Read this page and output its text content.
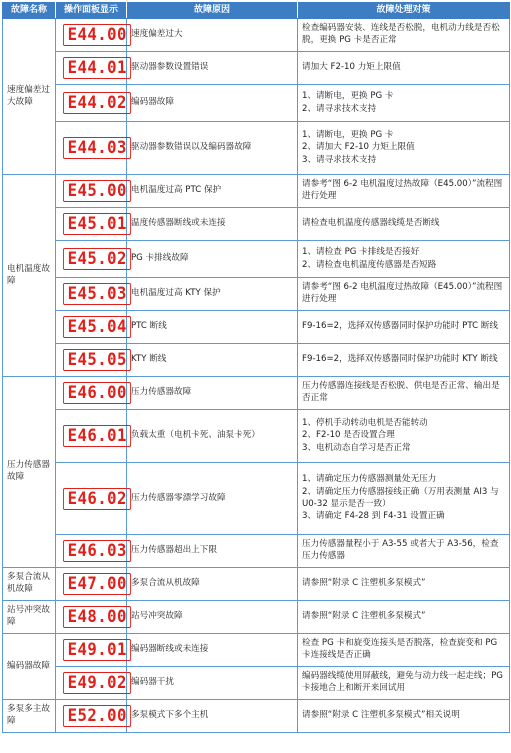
故障名称	操作面板显示	故障原因	故障处理对策
速度偏差过大故障	E44.00	速度偏差过大	检查编码器安装、连线是否松脱，电机动力线是否松脱，更换 PG 卡是否正常
	E44.01	驱动器参数设置错误	请加大 F2-10 力矩上限值
	E44.02	编码器故障	1、请断电，更换 PG 卡
2、请寻求技术支持

	E44.03	驱动器参数错误以及编码器故障	1、请断电，更换 PG 卡
2、请加大 F2-10 力矩上限值
3、请寻求技术支持

电机温度故障	E45.00	电机温度过高 PTC 保护	请参考“图 6-2 电机温度过热故障（E45.00）”流程图进行处理
	E45.01	温度传感器断线或未连接	请检查电机温度传感器线缆是否断线
	E45.02	PG 卡排线故障	1、请检查 PG 卡排线是否接好
2、请检查电机温度传感器是否短路

	E45.03	电机温度过高 KTY 保护	请参考“图 6-2 电机温度过热故障（E45.00）”流程图进行处理
	E45.04	PTC 断线	F9-16=2，选择双传感器同时保护功能时 PTC 断线
	E45.05	KTY 断线	F9-16=2，选择双传感器同时保护功能时 KTY 断线
压力传感器故障	E46.00	压力传感器故障	压力传感器连接线是否松脱、供电是否正常、输出是否正常
	E46.01	负载太重（电机卡死、油泵卡死）	1、停机手动转动电机是否能转动
2、F2-10 是否设置合理
3、电机动态自学习是否正常

	E46.02	压力传感器零漂学习故障	1、请确定压力传感器测量处无压力
2、请确定压力传感器接线正确（万用表测量 AI3 与 U0-32 显示是否一致）
3、请确定 F4-28 到 F4-31 设置正确

	E46.03	压力传感器超出上下限	压力传感器量程小于 A3-55 或者大于 A3-56，检查压力传感器
多泵合流从机故障	E47.00	多泵合流从机故障	请参照“附录 C 注塑机多泵模式”
站号冲突故障	E48.00	站号冲突故障	请参照“附录 C 注塑机多泵模式”
编码器故障	E49.01	编码器断线或未连接	检查 PG 卡和旋变连接头是否脱落，检查旋变和 PG 卡连接线是否正确
	E49.02	编码器干扰	编码器线缆使用屏蔽线，避免与动力线一起走线；PG 卡接地合上和断开来回试用
多泵多主故障	E52.00	多泵模式下多个主机	请参照“附录 C 注塑机多泵模式”相关说明
